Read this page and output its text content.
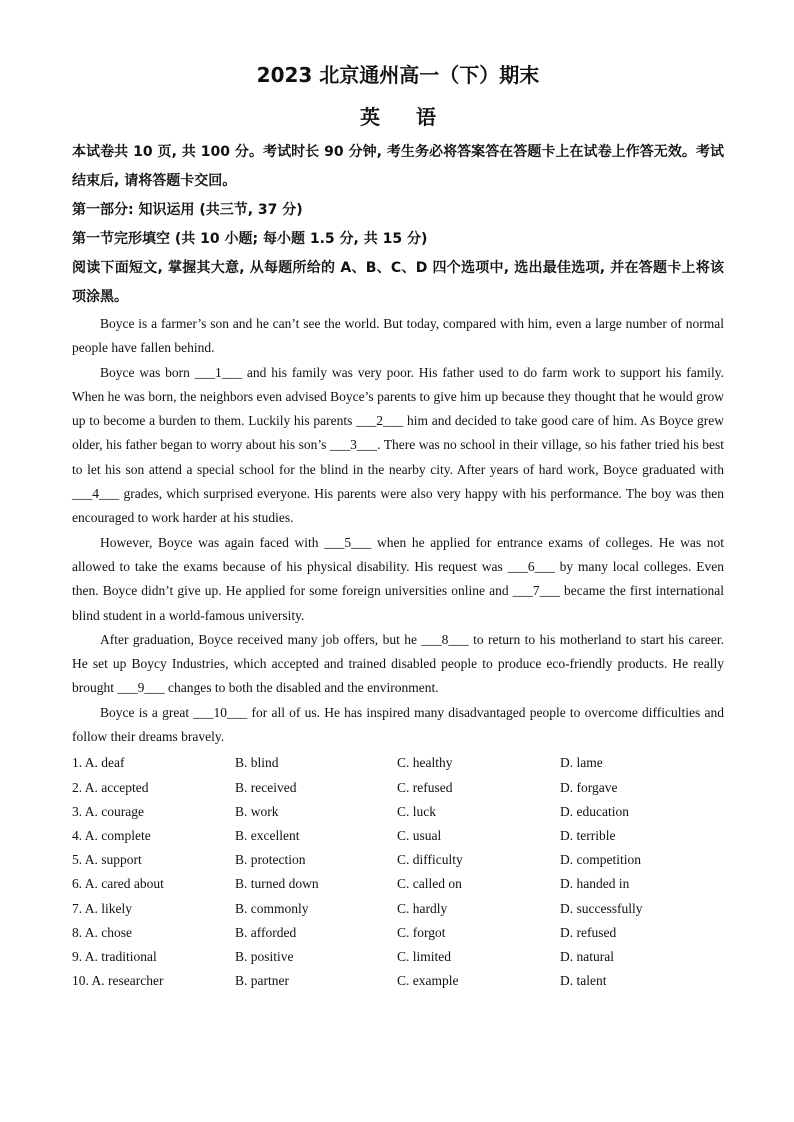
2023 北京通州高一（下）期末
英语

本试卷共 10 页, 共 100 分。考试时长 90 分钟, 考生务必将答案答在答题卡上在试卷上作答无效。考试结束后, 请将答题卡交回。

第一部分: 知识运用 (共三节, 37 分)

第一节完形填空 (共 10 小题; 每小题 1.5 分, 共 15 分)

阅读下面短文, 掌握其大意, 从每题所给的 A、B、C、D 四个选项中, 选出最佳选项, 并在答题卡上将该项涂黑。

Boyce is a farmer’s son and he can’t see the world. But today, compared with him, even a large number of normal people have fallen behind.

Boyce was born ___1___ and his family was very poor. His father used to do farm work to support his family. When he was born, the neighbors even advised Boyce’s parents to give him up because they thought that he would grow up to become a burden to them. Luckily his parents ___2___ him and decided to take good care of him. As Boyce grew older, his father began to worry about his son’s ___3___. There was no school in their village, so his father tried his best to let his son attend a special school for the blind in the nearby city. After years of hard work, Boyce graduated with ___4___ grades, which surprised everyone. His parents were also very happy with his performance. The boy was then encouraged to work harder at his studies.

However, Boyce was again faced with ___5___ when he applied for entrance exams of colleges. He was not allowed to take the exams because of his physical disability. His request was ___6___ by many local colleges. Even then. Boyce didn’t give up. He applied for some foreign universities online and ___7___ became the first international blind student in a world-famous university.

After graduation, Boyce received many job offers, but he ___8___ to return to his motherland to start his career. He set up Boycy Industries, which accepted and trained disabled people to produce eco-friendly products. He really brought ___9___ changes to both the disabled and the environment.

Boyce is a great ___10___ for all of us. He has inspired many disadvantaged people to overcome difficulties and follow their dreams bravely.

1. A. deaf	B. blind	C. healthy	D. lame
2. A. accepted	B. received	C. refused	D. forgave
3. A. courage	B. work	C. luck	D. education
4. A. complete	B. excellent	C. usual	D. terrible
5. A. support	B. protection	C. difficulty	D. competition
6. A. cared about	B. turned down	C. called on	D. handed in
7. A. likely	B. commonly	C. hardly	D. successfully
8. A. chose	B. afforded	C. forgot	D. refused
9. A. traditional	B. positive	C. limited	D. natural
10. A. researcher	B. partner	C. example	D. talent
